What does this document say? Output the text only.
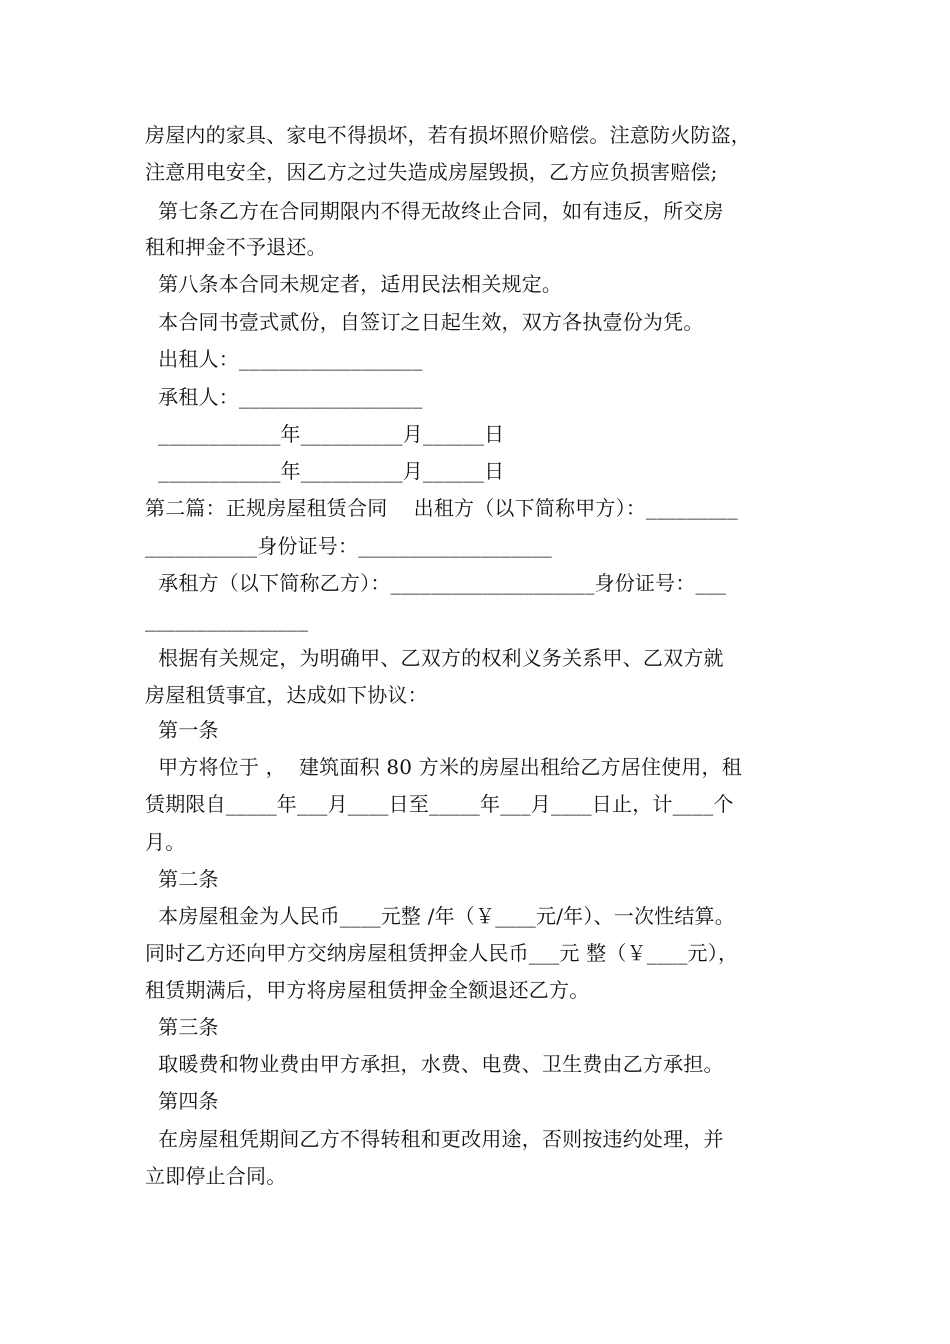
房屋内的家具、家电不得损坏，若有损坏照价赔偿。注意防火防盗，
注意用电安全，因乙方之过失造成房屋毁损，乙方应负损害赔偿;
第七条乙方在合同期限内不得无故终止合同，如有违反，所交房
租和押金不予退还。
第八条本合同未规定者，适用民法相关规定。
本合同书壹式贰份，自签订之日起生效，双方各执壹份为凭。
出租人：__________________
承租人：__________________
____________年__________月______日
____________年__________月______日
第二篇：正规房屋租赁合同    出租方（以下简称甲方）：_________
___________身份证号：___________________
承租方（以下简称乙方）：____________________身份证号：___
________________
根据有关规定，为明确甲、乙双方的权利义务关系甲、乙双方就
房屋租赁事宜，达成如下协议：
第一条
甲方将位于 ，  建筑面积 80 方米的房屋出租给乙方居住使用，租
赁期限自_____年___月____日至_____年___月____日止，计____个
月。
第二条
本房屋租金为人民币____元整 /年（￥____元/年）、一次性结算。
同时乙方还向甲方交纳房屋租赁押金人民币___元 整（￥____元），
租赁期满后，甲方将房屋租赁押金全额退还乙方。
第三条
取暖费和物业费由甲方承担，水费、电费、卫生费由乙方承担。
第四条
在房屋租凭期间乙方不得转租和更改用途，否则按违约处理，并
立即停止合同。
